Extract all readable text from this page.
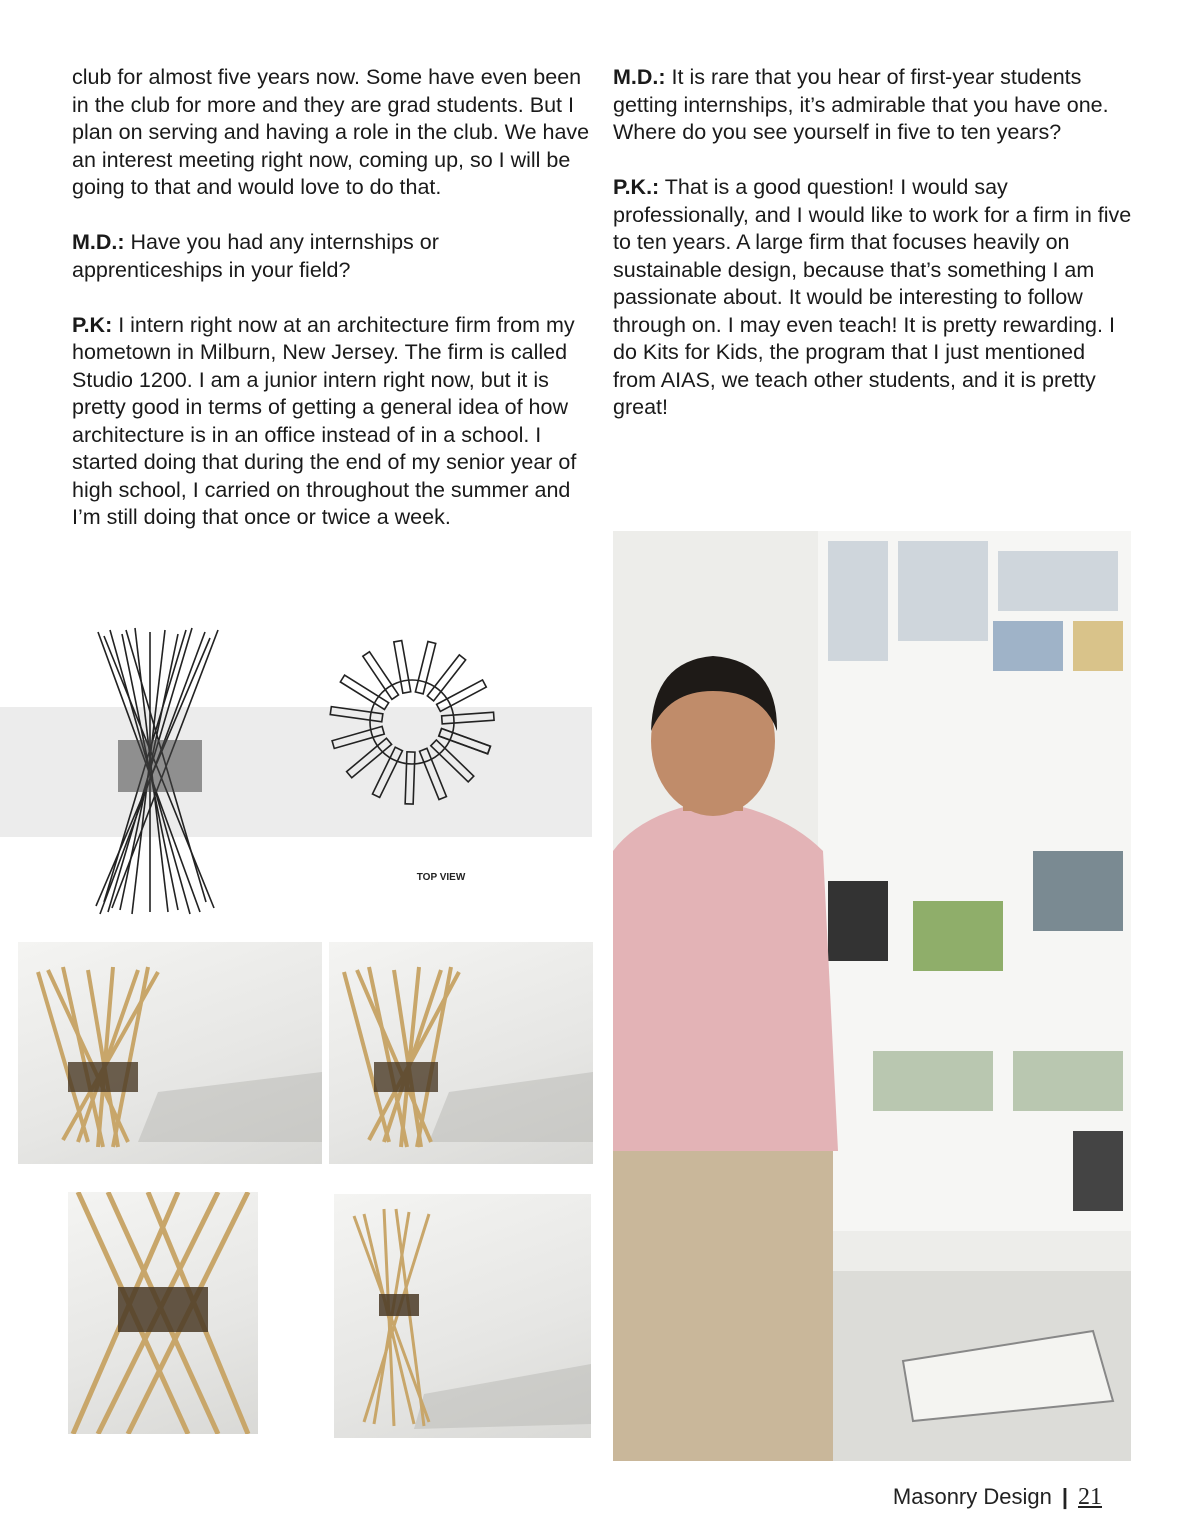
club for almost five years now. Some have even been in the club for more and they are grad students. But I plan on serving and having a role in the club. We have an interest meeting right now, coming up, so I will be going to that and would love to do that.

M.D.: Have you had any internships or apprenticeships in your field?

P.K: I intern right now at an architecture firm from my hometown in Milburn, New Jersey. The firm is called Studio 1200. I am a junior intern right now, but it is pretty good in terms of getting a general idea of how architecture is in an office instead of in a school. I started doing that during the end of my senior year of high school, I carried on throughout the summer and I’m still doing that once or twice a week.

M.D.: It is rare that you hear of first-year students getting internships, it’s admirable that you have one. Where do you see yourself in five to ten years?

P.K.: That is a good question! I would say professionally, and I would like to work for a firm in five to ten years. A large firm that focuses heavily on sustainable design, because that’s something I am passionate about. It would be interesting to follow through on. I may even teach! It is pretty rewarding. I do Kits for Kids, the program that I just mentioned from AIAS, we teach other students, and it is pretty great!

TOP VIEW
Masonry Design | 21
